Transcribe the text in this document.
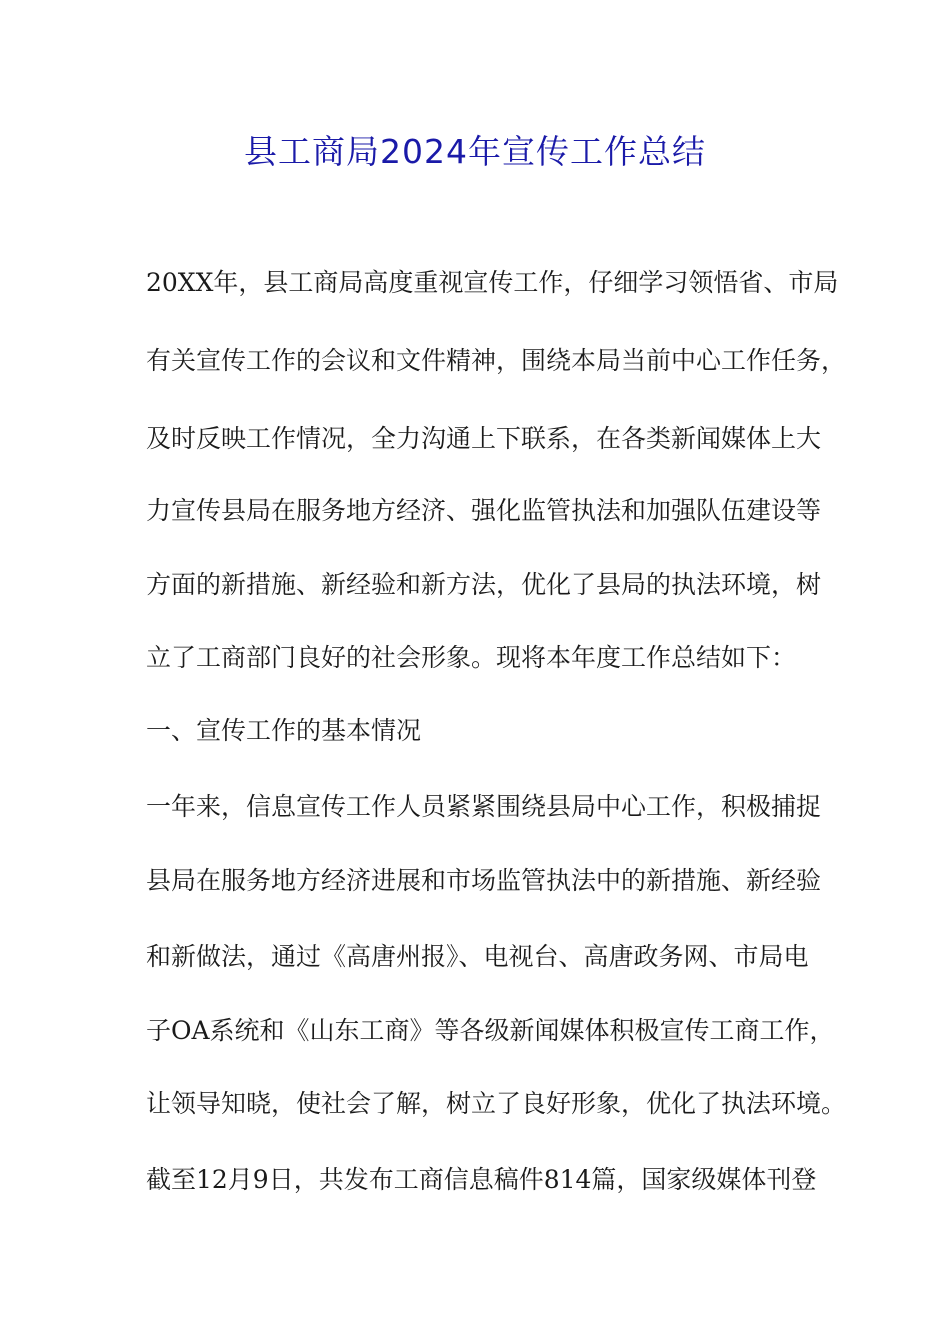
县工商局2024年宣传工作总结

20XX年，县工商局高度重视宣传工作，仔细学习领悟省、市局

有关宣传工作的会议和文件精神，围绕本局当前中心工作任务，

及时反映工作情况，全力沟通上下联系，在各类新闻媒体上大

力宣传县局在服务地方经济、强化监管执法和加强队伍建设等

方面的新措施、新经验和新方法，优化了县局的执法环境，树

立了工商部门良好的社会形象。现将本年度工作总结如下：

一、宣传工作的基本情况

一年来，信息宣传工作人员紧紧围绕县局中心工作，积极捕捉

县局在服务地方经济进展和市场监管执法中的新措施、新经验

和新做法，通过《高唐州报》、电视台、高唐政务网、市局电

子OA系统和《山东工商》等各级新闻媒体积极宣传工商工作，

让领导知晓，使社会了解，树立了良好形象，优化了执法环境。

截至12月9日，共发布工商信息稿件814篇，国家级媒体刊登
